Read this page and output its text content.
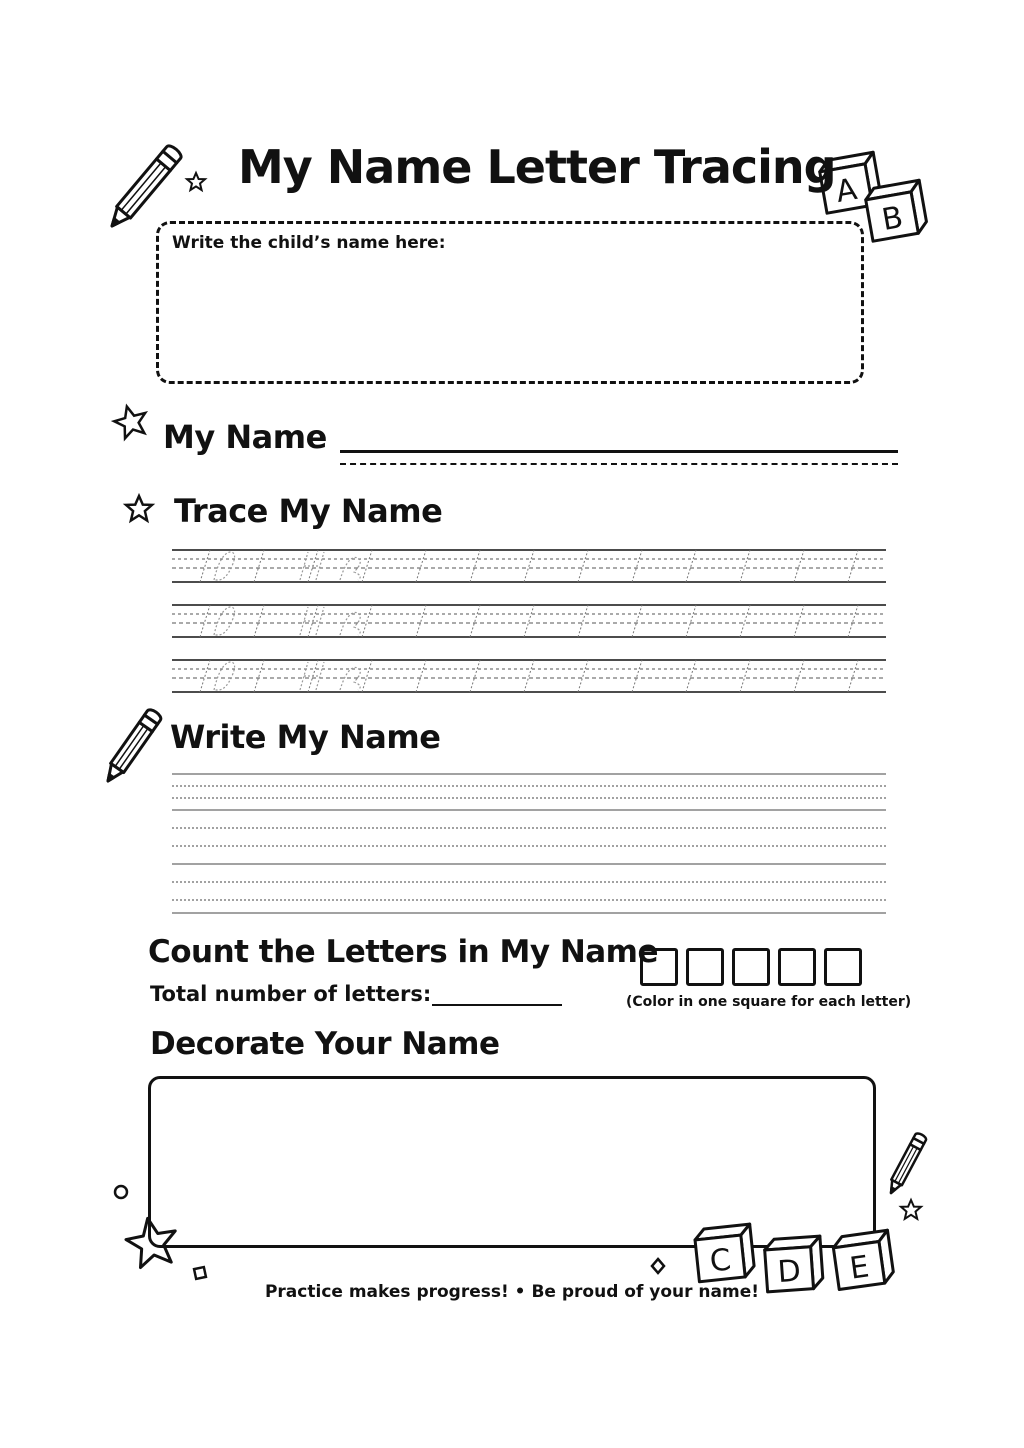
A
B
My Name Letter Tracing
Write the child’s name here:
My Name
Trace My Name
Write My Name
Count the Letters in My Name
Total number of letters:	(Color in one square for each letter)
Decorate Your Name
C D E
Practice makes progress! • Be proud of your name!
